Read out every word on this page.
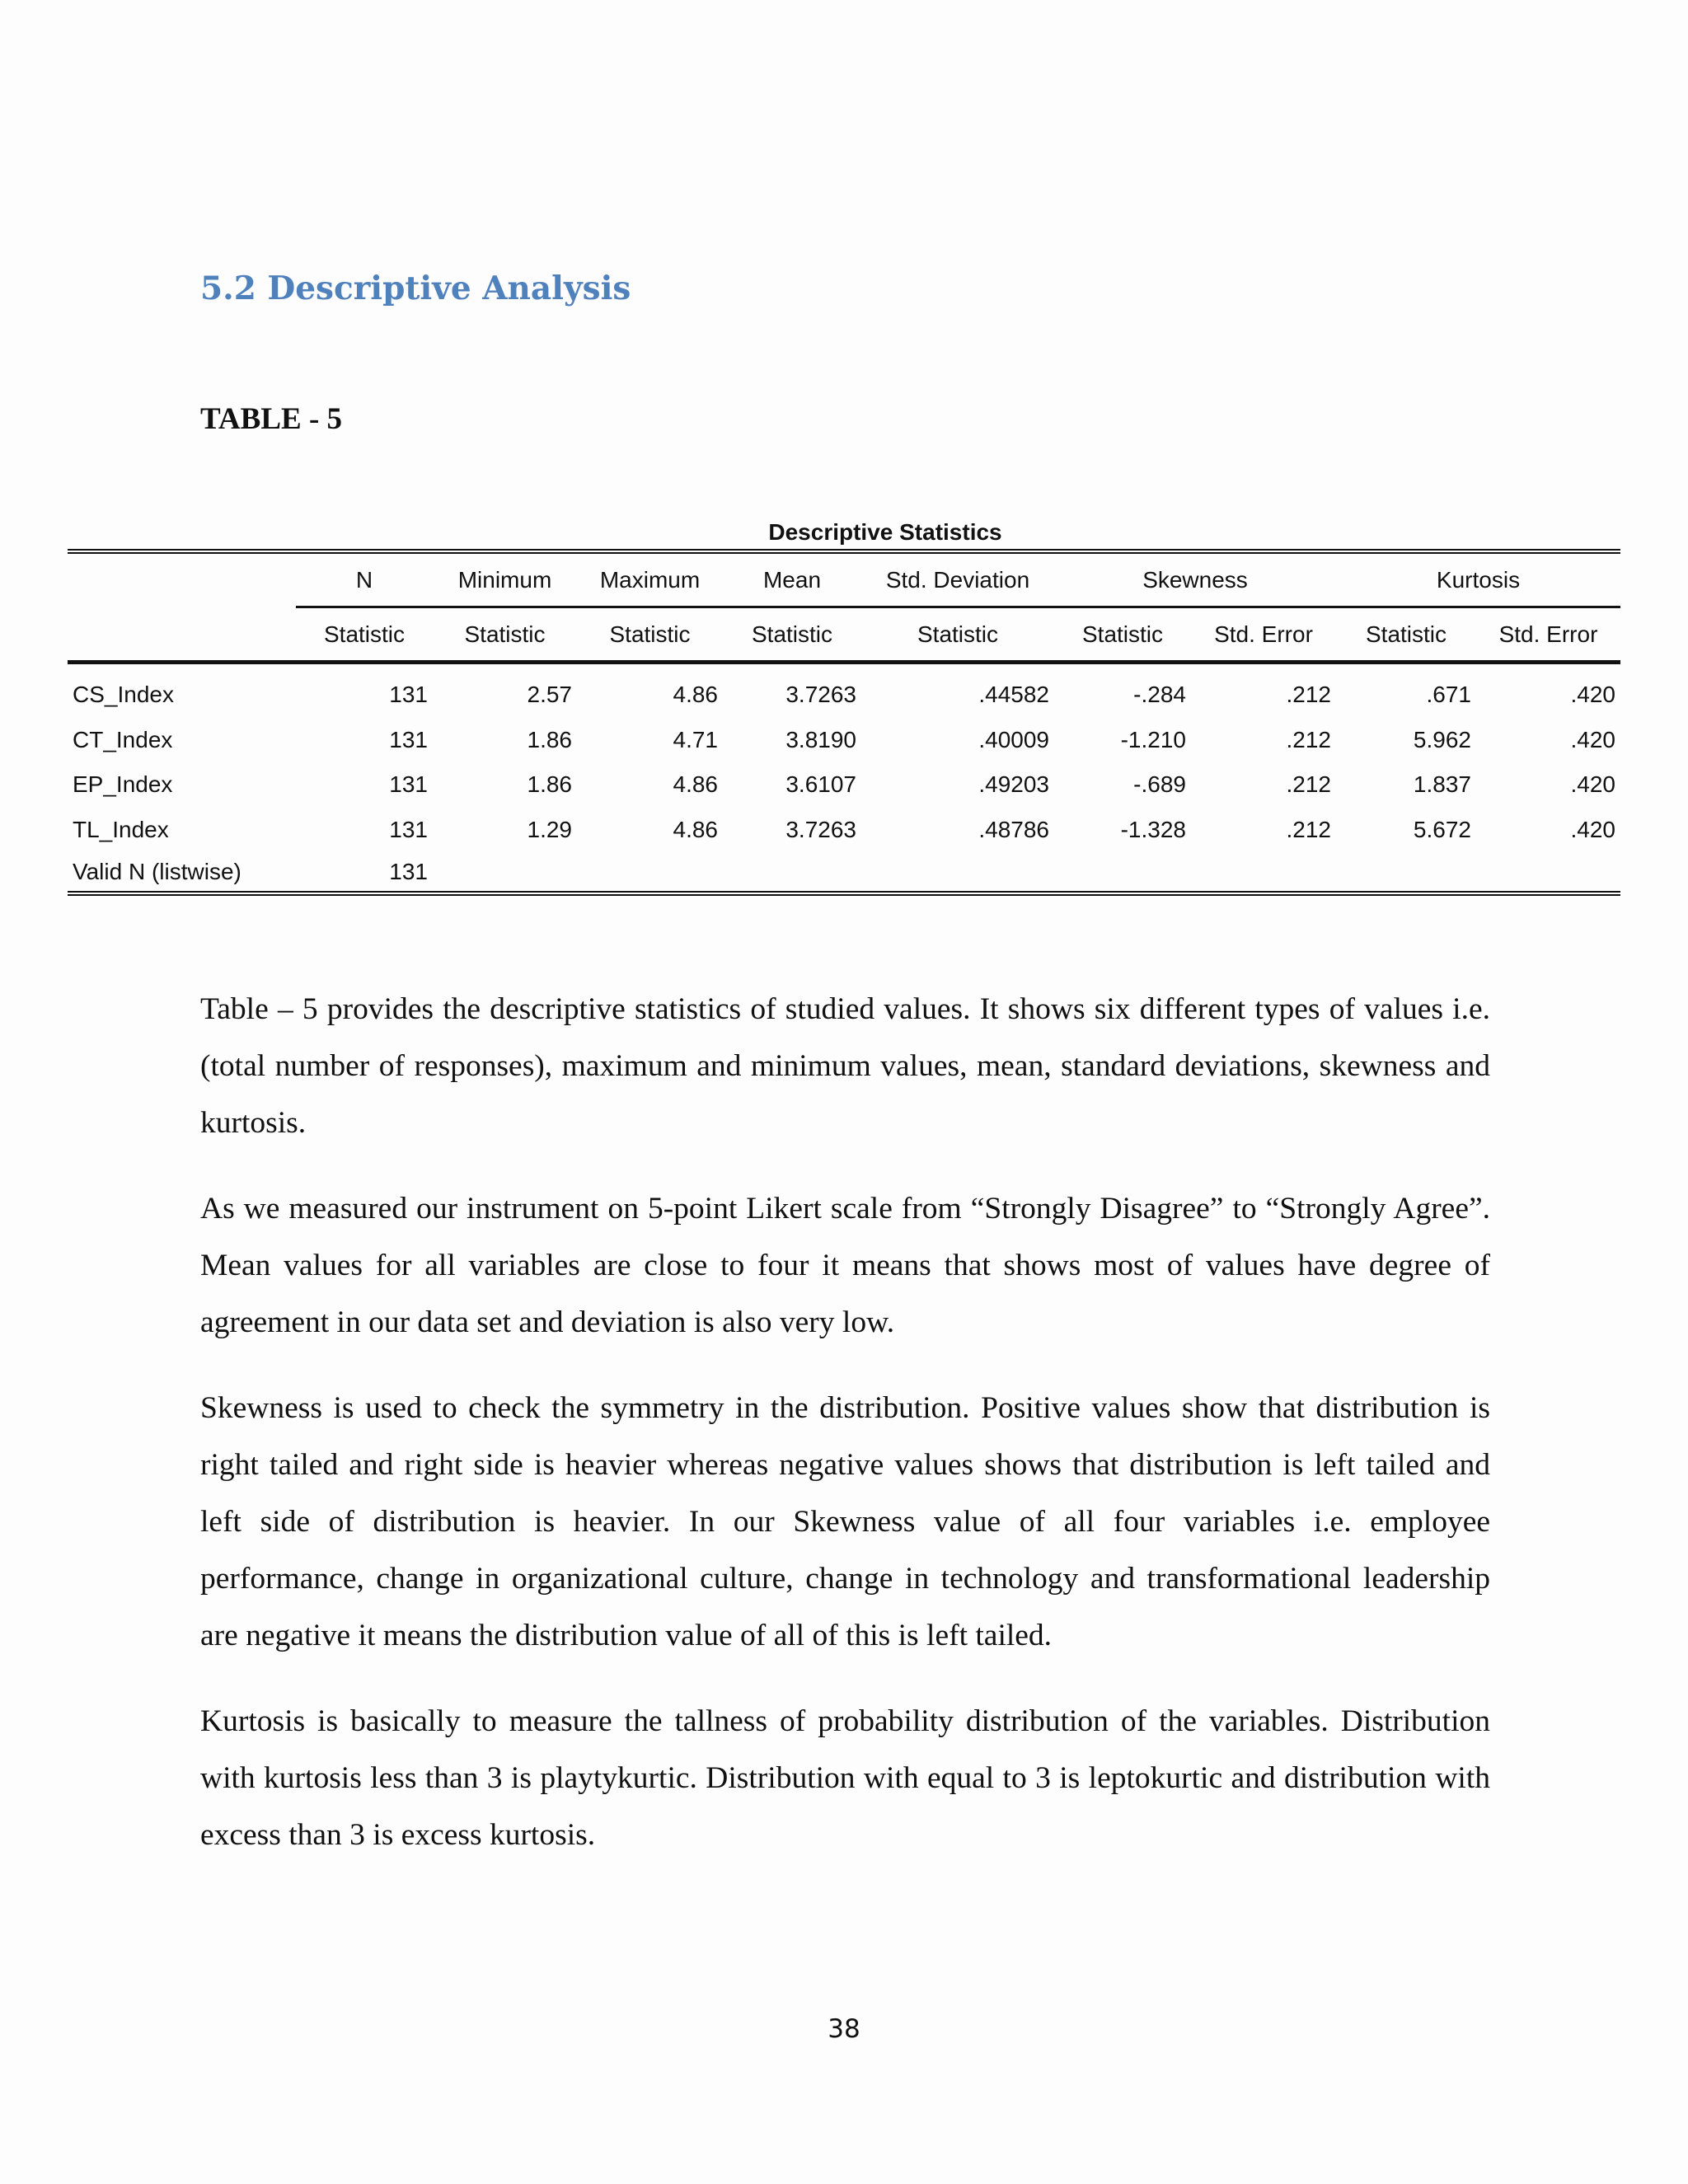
5.2 Descriptive Analysis
TABLE - 5
Descriptive Statistics
	N	Minimum	Maximum	Mean	Std. Deviation	Skewness		Kurtosis	
	Statistic	Statistic	Statistic	Statistic	Statistic	Statistic	Std. Error	Statistic	Std. Error
CS_Index	131	2.57	4.86	3.7263	.44582	-.284	.212	.671	.420
CT_Index	131	1.86	4.71	3.8190	.40009	-1.210	.212	5.962	.420
EP_Index	131	1.86	4.86	3.6107	.49203	-.689	.212	1.837	.420
TL_Index	131	1.29	4.86	3.7263	.48786	-1.328	.212	5.672	.420
Valid N (listwise)	131								

Table – 5 provides the descriptive statistics of studied values. It shows six different types of values i.e. (total number of responses), maximum and minimum values, mean, standard deviations, skewness and kurtosis.

As we measured our instrument on 5-point Likert scale from “Strongly Disagree” to “Strongly Agree”. Mean values for all variables are close to four it means that shows most of values have degree of agreement in our data set and deviation is also very low.

Skewness is used to check the symmetry in the distribution. Positive values show that distribution is right tailed and right side is heavier whereas negative values shows that distribution is left tailed and left side of distribution is heavier. In our Skewness value of all four variables i.e. employee performance, change in organizational culture, change in technology and transformational leadership are negative it means the distribution value of all of this is left tailed.

Kurtosis is basically to measure the tallness of probability distribution of the variables. Distribution with kurtosis less than 3 is playtykurtic. Distribution with equal to 3 is leptokurtic and distribution with excess than 3 is excess kurtosis.

38
